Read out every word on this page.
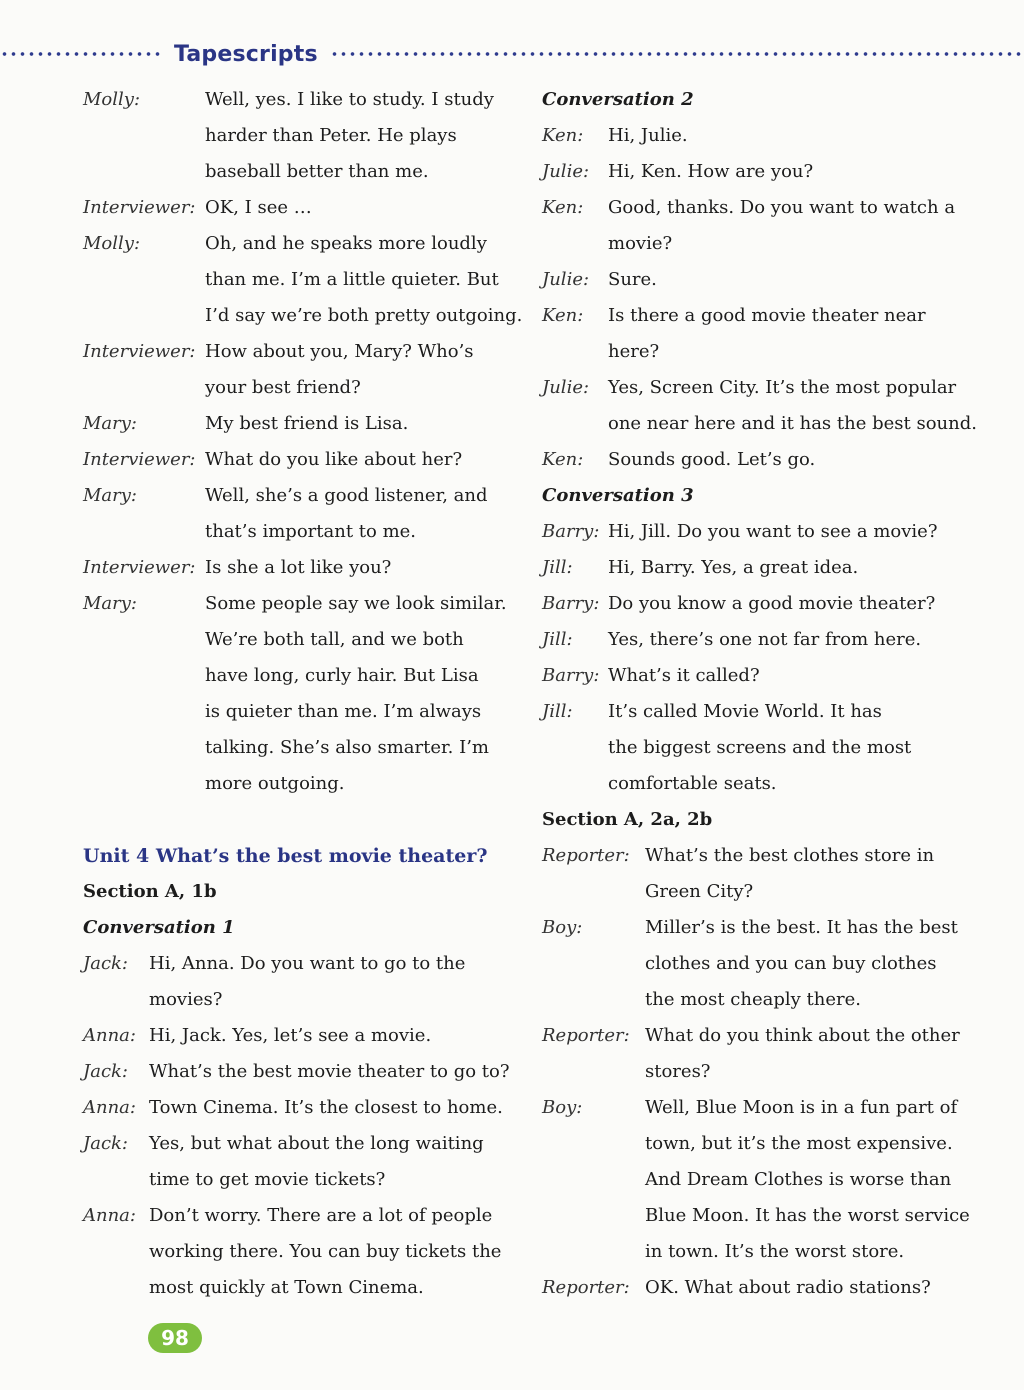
Tapescripts
Molly:	Well, yes. I like to study. I study
harder than Peter. He plays
baseball better than me.
Interviewer: OK, I see …
Molly:	Oh, and he speaks more loudly
than me. I’m a little quieter. But
I’d say we’re both pretty outgoing.
Interviewer: How about you, Mary? Who’s
your best friend?
Mary:	My best friend is Lisa.
Interviewer: What do you like about her?
Mary:	Well, she’s a good listener, and
that’s important to me.
Interviewer: Is she a lot like you?
Mary:	Some people say we look similar.
We’re both tall, and we both
have long, curly hair. But Lisa
is quieter than me. I’m always
talking. She’s also smarter. I’m
more outgoing.
Unit 4 What’s the best movie theater?
Section A, 1b
Conversation 1
Jack:	Hi, Anna. Do you want to go to the
movies?
Anna: Hi, Jack. Yes, let’s see a movie.
Jack:	What’s the best movie theater to go to?
Anna: Town Cinema. It’s the closest to home.
Jack:	Yes, but what about the long waiting
time to get movie tickets?
Anna: Don’t worry. There are a lot of people
working there. You can buy tickets the
most quickly at Town Cinema.
Conversation 2
Ken:	Hi, Julie.
Julie:	Hi, Ken. How are you?
Ken:	Good, thanks. Do you want to watch a
movie?
Julie:	Sure.
Ken:	Is there a good movie theater near
here?
Julie:	Yes, Screen City. It’s the most popular
one near here and it has the best sound.
Ken:	Sounds good. Let’s go.
Conversation 3
Barry: Hi, Jill. Do you want to see a movie?
Jill:	Hi, Barry. Yes, a great idea.
Barry: Do you know a good movie theater?
Jill:	Yes, there’s one not far from here.
Barry: What’s it called?
Jill:	It’s called Movie World. It has
the biggest screens and the most
comfortable seats.
Section A, 2a, 2b
Reporter: What’s the best clothes store in
Green City?
Boy:	Miller’s is the best. It has the best
clothes and you can buy clothes
the most cheaply there.
Reporter: What do you think about the other
stores?
Boy:	Well, Blue Moon is in a fun part of
town, but it’s the most expensive.
And Dream Clothes is worse than
Blue Moon. It has the worst service
in town. It’s the worst store.
Reporter: OK. What about radio stations?
98
